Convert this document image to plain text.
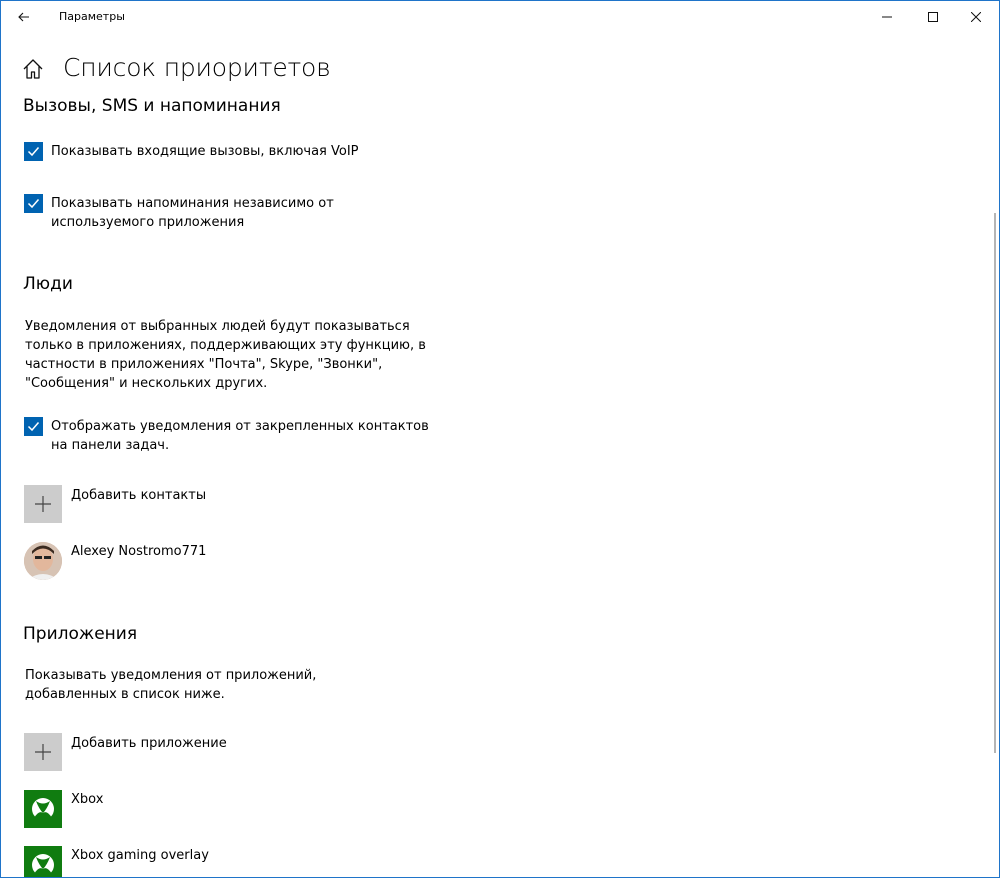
Параметры
Список приоритетов
Вызовы, SMS и напоминания
Показывать входящие вызовы, включая VoIP
Показывать напоминания независимо от используемого приложения
Люди
Уведомления от выбранных людей будут показываться только в приложениях, поддерживающих эту функцию, в частности в приложениях "Почта", Skype, "Звонки", "Сообщения" и нескольких других.
Отображать уведомления от закрепленных контактов на панели задач.
Добавить контакты
Alexey Nostromo771
Приложения
Показывать уведомления от приложений, добавленных в список ниже.
Добавить приложение
Xbox
Xbox gaming overlay
